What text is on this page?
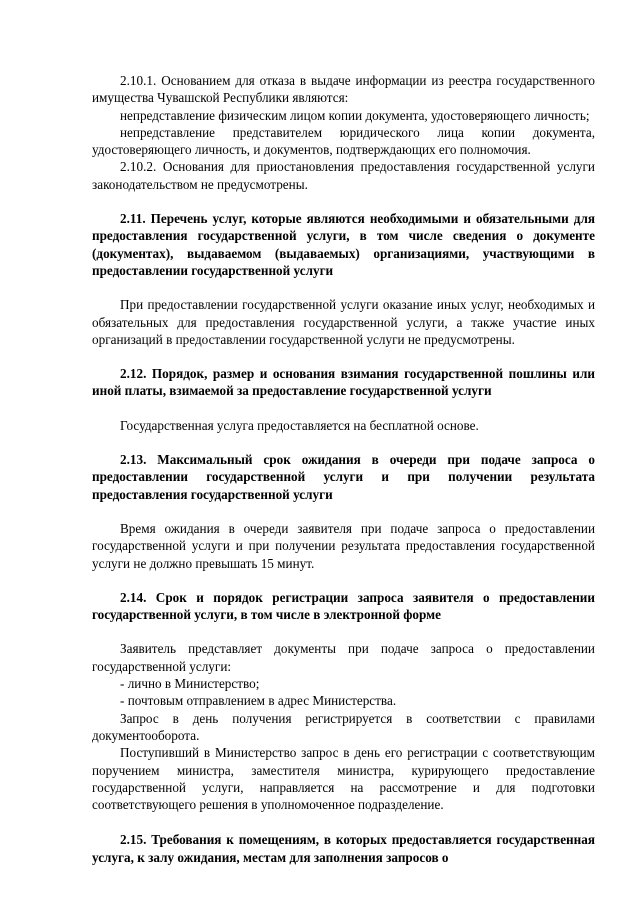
2.10.1. Основанием для отказа в выдаче информации из реестра государственного имущества Чувашской Республики являются:

непредставление физическим лицом копии документа, удостоверяющего личность;

непредставление представителем юридического лица копии документа, удостоверяющего личность, и документов, подтверждающих его полномочия.

2.10.2. Основания для приостановления предоставления государственной услуги законодательством не предусмотрены.

2.11. Перечень услуг, которые являются необходимыми и обязательными для предоставления государственной услуги, в том числе сведения о документе (документах), выдаваемом (выдаваемых) организациями, участвующими в предоставлении государственной услуги

При предоставлении государственной услуги оказание иных услуг, необходимых и обязательных для предоставления государственной услуги, а также участие иных организаций в предоставлении государственной услуги не предусмотрены.

2.12. Порядок, размер и основания взимания государственной пошлины или иной платы, взимаемой за предоставление государственной услуги

Государственная услуга предоставляется на бесплатной основе.

2.13. Максимальный срок ожидания в очереди при подаче запроса о предоставлении государственной услуги и при получении результата предоставления государственной услуги

Время ожидания в очереди заявителя при подаче запроса о предоставлении государственной услуги и при получении результата предоставления государственной услуги не должно превышать 15 минут.

2.14. Срок и порядок регистрации запроса заявителя о предоставлении государственной услуги, в том числе в электронной форме

Заявитель представляет документы при подаче запроса о предоставлении государственной услуги:

- лично в Министерство;

- почтовым отправлением в адрес Министерства.

Запрос в день получения регистрируется в соответствии с правилами документооборота.

Поступивший в Министерство запрос в день его регистрации с соответствующим поручением министра, заместителя министра, курирующего предоставление государственной услуги, направляется на рассмотрение и для подготовки соответствующего решения в уполномоченное подразделение.

2.15. Требования к помещениям, в которых предоставляется государственная услуга, к залу ожидания, местам для заполнения запросов о
